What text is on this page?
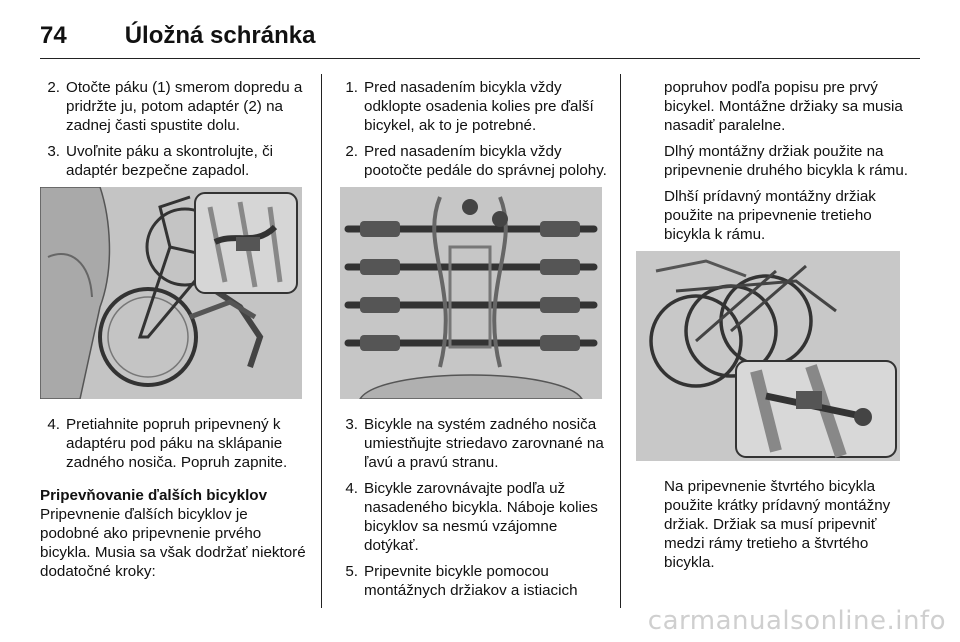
74 Úložná schránka
2. Otočte páku (1) smerom dopredu a pridržte ju, potom adaptér (2) na zadnej časti spustite dolu.
3. Uvoľnite páku a skontrolujte, či adaptér bezpečne zapadol.
4. Pretiahnite popruh pripevnený k adaptéru pod páku na sklápanie zadného nosiča. Popruh zapnite.
Pripevňovanie ďalších bicyklov
Pripevnenie ďalších bicyklov je podobné ako pripevnenie prvého bicykla. Musia sa však dodržať niektoré dodatočné kroky:
1. Pred nasadením bicykla vždy odklopte osadenia kolies pre ďalší bicykel, ak to je potrebné.
2. Pred nasadením bicykla vždy pootočte pedále do správnej polohy.
3. Bicykle na systém zadného nosiča umiestňujte striedavo zarovnané na ľavú a pravú stranu.
4. Bicykle zarovnávajte podľa už nasadeného bicykla. Náboje kolies bicyklov sa nesmú vzájomne dotýkať.
5. Pripevnite bicykle pomocou montážnych držiakov a istiacich
popruhov podľa popisu pre prvý bicykel. Montážne držiaky sa musia nasadiť paralelne.
Dlhý montážny držiak použite na pripevnenie druhého bicykla k rámu.
Dlhší prídavný montážny držiak použite na pripevnenie tretieho bicykla k rámu.
Na pripevnenie štvrtého bicykla použite krátky prídavný montážny držiak. Držiak sa musí pripevniť medzi rámy tretieho a štvrtého bicykla.
carmanualsonline.info
